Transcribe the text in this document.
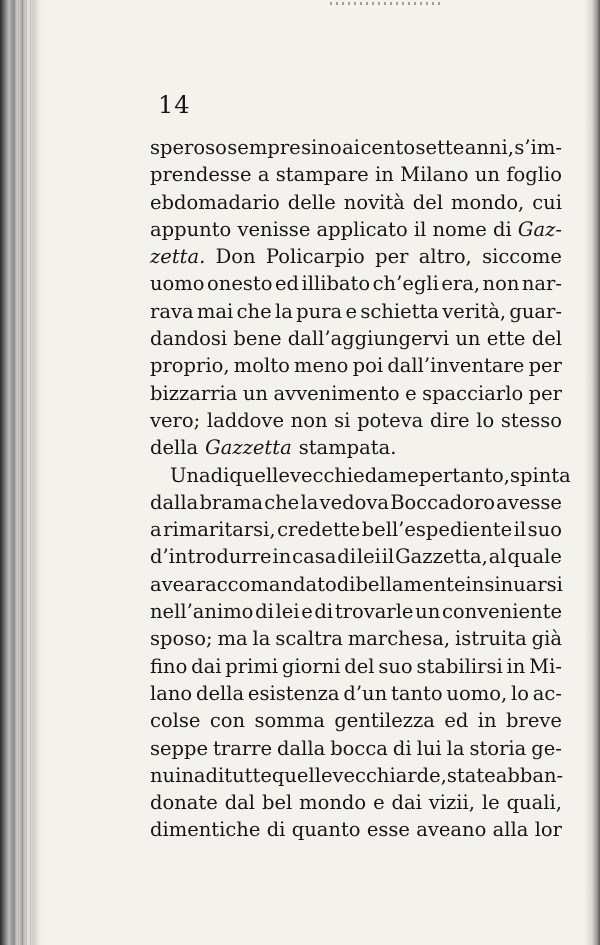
14
speroso sempre sino ai cento sette anni, s’im-
prendesse a stampare in Milano un foglio
ebdomadario delle novità del mondo, cui
appunto venisse applicato il nome di Gaz-
zetta. Don Policarpio per altro, siccome
uomo onesto ed illibato ch’egli era, non nar-
rava mai che la pura e schietta verità, guar-
dandosi bene dall’aggiungervi un ette del
proprio, molto meno poi dall’inventare per
bizzarria un avvenimento e spacciarlo per
vero; laddove non si poteva dire lo stesso
della Gazzetta stampata.
Una di quelle vecchie dame pertanto, spinta
dalla brama che la vedova Boccadoro avesse
a rimaritarsi, credette bell’espediente il suo
d’introdurre in casa di lei il Gazzetta, al quale
avea raccomandato di bellamente insinuarsi
nell’animo di lei e di trovarle un conveniente
sposo; ma la scaltra marchesa, istruita già
fino dai primi giorni del suo stabilirsi in Mi-
lano della esistenza d’un tanto uomo, lo ac-
colse con somma gentilezza ed in breve
seppe trarre dalla bocca di lui la storia ge-
nuina di tutte quelle vecchiarde, state abban-
donate dal bel mondo e dai vizii, le quali,
dimentiche di quanto esse aveano alla lor
